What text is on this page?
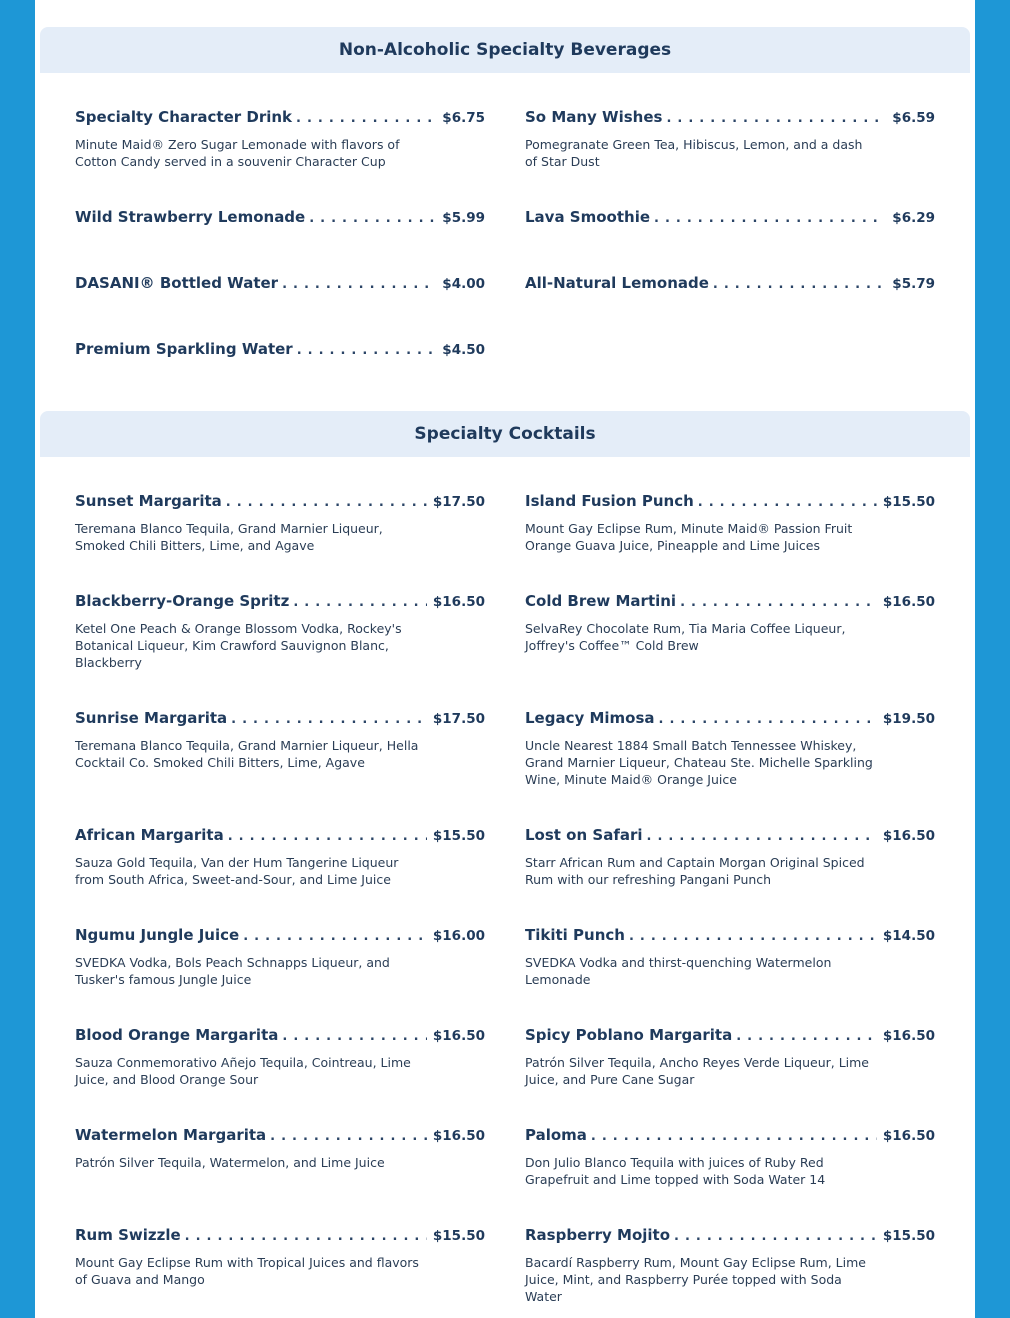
Non-Alcoholic Specialty Beverages
Specialty Character Drink .....	$6.75
Minute Maid® Zero Sugar Lemonade with flavors of Cotton Candy served in a souvenir Character Cup
So Many Wishes .....	$6.59
Pomegranate Green Tea, Hibiscus, Lemon, and a dash of Star Dust
Wild Strawberry Lemonade .....	$5.99	Lava Smoothie .....	$6.29
DASANI® Bottled Water .....	$4.00	All-Natural Lemonade .....	$5.79
Premium Sparkling Water .....	$4.50
Specialty Cocktails
Sunset Margarita .....	$17.50
Teremana Blanco Tequila, Grand Marnier Liqueur, Smoked Chili Bitters, Lime, and Agave
Island Fusion Punch .....	$15.50
Mount Gay Eclipse Rum, Minute Maid® Passion Fruit Orange Guava Juice, Pineapple and Lime Juices
Blackberry-Orange Spritz .....	$16.50
Ketel One Peach & Orange Blossom Vodka, Rockey's Botanical Liqueur, Kim Crawford Sauvignon Blanc, Blackberry
Cold Brew Martini .....	$16.50
SelvaRey Chocolate Rum, Tia Maria Coffee Liqueur, Joffrey's Coffee™ Cold Brew
Sunrise Margarita .....	$17.50
Teremana Blanco Tequila, Grand Marnier Liqueur, Hella Cocktail Co. Smoked Chili Bitters, Lime, Agave
Legacy Mimosa .....	$19.50
Uncle Nearest 1884 Small Batch Tennessee Whiskey, Grand Marnier Liqueur, Chateau Ste. Michelle Sparkling Wine, Minute Maid® Orange Juice
African Margarita .....	$15.50
Sauza Gold Tequila, Van der Hum Tangerine Liqueur from South Africa, Sweet-and-Sour, and Lime Juice
Lost on Safari .....	$16.50
Starr African Rum and Captain Morgan Original Spiced Rum with our refreshing Pangani Punch
Ngumu Jungle Juice .....	$16.00
SVEDKA Vodka, Bols Peach Schnapps Liqueur, and Tusker's famous Jungle Juice
Tikiti Punch .....	$14.50
SVEDKA Vodka and thirst-quenching Watermelon Lemonade
Blood Orange Margarita .....	$16.50
Sauza Conmemorativo Añejo Tequila, Cointreau, Lime Juice, and Blood Orange Sour
Spicy Poblano Margarita .....	$16.50
Patrón Silver Tequila, Ancho Reyes Verde Liqueur, Lime Juice, and Pure Cane Sugar
Watermelon Margarita .....	$16.50
Patrón Silver Tequila, Watermelon, and Lime Juice
Paloma .....	$16.50
Don Julio Blanco Tequila with juices of Ruby Red Grapefruit and Lime topped with Soda Water 14
Rum Swizzle .....	$15.50
Mount Gay Eclipse Rum with Tropical Juices and flavors of Guava and Mango
Raspberry Mojito .....	$15.50
Bacardí Raspberry Rum, Mount Gay Eclipse Rum, Lime Juice, Mint, and Raspberry Purée topped with Soda Water
